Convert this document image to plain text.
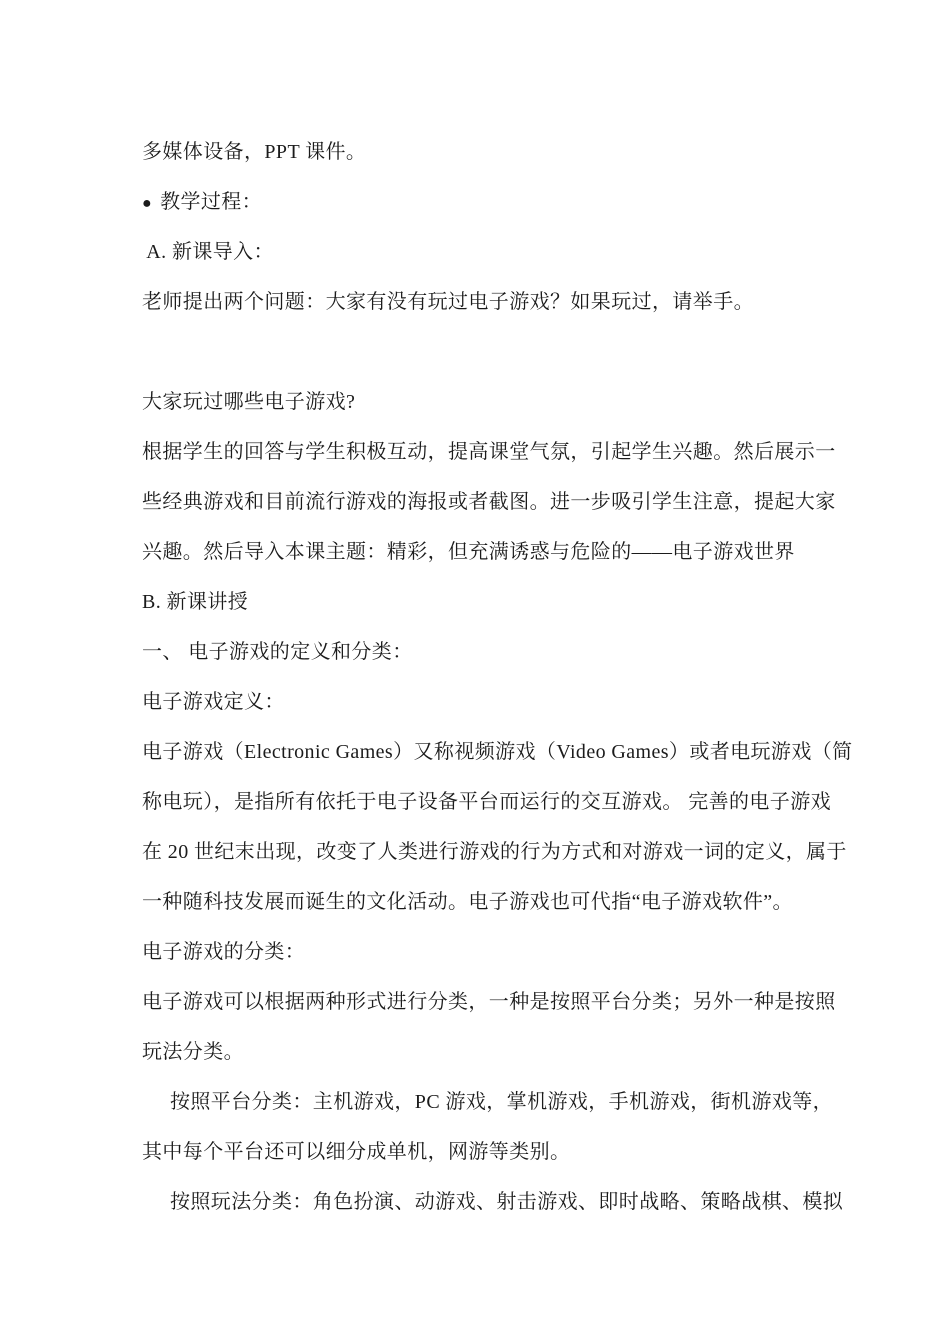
多媒体设备，PPT 课件。
● 教学过程：
A. 新课导入：
老师提出两个问题：大家有没有玩过电子游戏？如果玩过，请举手。
大家玩过哪些电子游戏?
根据学生的回答与学生积极互动，提高课堂气氛，引起学生兴趣。然后展示一
些经典游戏和目前流行游戏的海报或者截图。进一步吸引学生注意，提起大家
兴趣。然后导入本课主题：精彩，但充满诱惑与危险的——电子游戏世界
B. 新课讲授
一、 电子游戏的定义和分类：
电子游戏定义：
电子游戏（Electronic Games）又称视频游戏（Video Games）或者电玩游戏（简
称电玩），是指所有依托于电子设备平台而运行的交互游戏。 完善的电子游戏
在 20 世纪末出现，改变了人类进行游戏的行为方式和对游戏一词的定义，属于
一种随科技发展而诞生的文化活动。电子游戏也可代指“电子游戏软件”。
电子游戏的分类：
电子游戏可以根据两种形式进行分类，一种是按照平台分类；另外一种是按照
玩法分类。
按照平台分类：主机游戏，PC 游戏，掌机游戏，手机游戏，街机游戏等，
其中每个平台还可以细分成单机，网游等类别。
按照玩法分类：角色扮演、动游戏、射击游戏、即时战略、策略战棋、模拟
